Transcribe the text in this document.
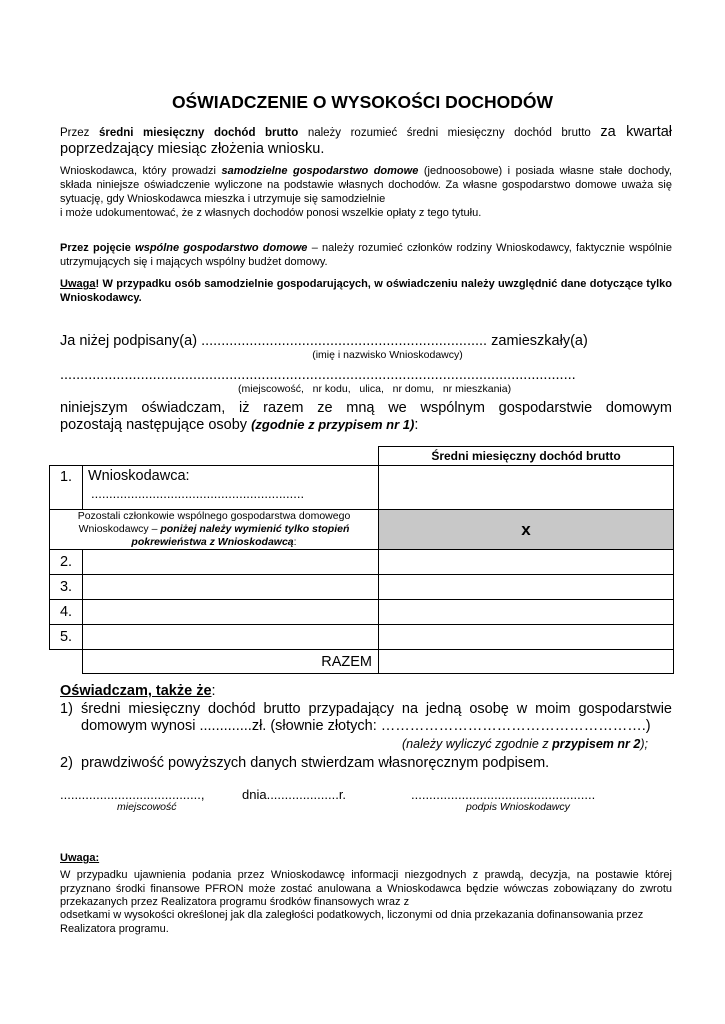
OŚWIADCZENIE O WYSOKOŚCI DOCHODÓW
Przez średni miesięczny dochód brutto należy rozumieć średni miesięczny dochód brutto za kwartał
poprzedzający miesiąc złożenia wniosku.
Wnioskodawca, który prowadzi samodzielne gospodarstwo domowe (jednoosobowe) i posiada własne stałe dochody, składa niniejsze oświadczenie wyliczone na podstawie własnych dochodów. Za własne gospodarstwo domowe uważa się sytuację, gdy Wnioskodawca mieszka i utrzymuje się samodzielnie
i może udokumentować, że z własnych dochodów ponosi wszelkie opłaty z tego tytułu.
Przez pojęcie wspólne gospodarstwo domowe – należy rozumieć członków rodziny Wnioskodawcy, faktycznie wspólnie utrzymujących się i mających wspólny budżet domowy.
Uwaga! W przypadku osób samodzielnie gospodarujących, w oświadczeniu należy uwzględnić dane dotyczące tylko Wnioskodawcy.
Ja niżej podpisany(a) ....................................................................... zamieszkały(a)
(imię i nazwisko Wnioskodawcy)
................................................................................................................................
(miejscowość,   nr kodu,   ulica,   nr domu,   nr mieszkania)
niniejszym oświadczam, iż razem ze mną we wspólnym gospodarstwie domowym
pozostają następujące osoby (zgodnie z przypisem nr 1):
		Średni miesięczny dochód brutto
1.	Wnioskodawca:
...........................................................	

Pozostali członkowie wspólnego gospodarstwa domowego Wnioskodawcy – poniżej należy wymienić tylko stopień pokrewieństwa z Wnioskodawcą:		x
2.		
3.		
4.		
5.		
	RAZEM	
Oświadczam, także że:
1) średni miesięczny dochód brutto przypadający na jedną osobę w moim gospodarstwie
domowym wynosi .............zł. (słownie złotych: ……………………………………………….)
(należy wyliczyć zgodnie z przypisem nr 2);
2) prawdziwość powyższych danych stwierdzam własnoręcznym podpisem.
.......................................,	dnia....................r.	...................................................
miejscowość	podpis Wnioskodawcy
Uwaga:
W przypadku ujawnienia podania przez Wnioskodawcę informacji niezgodnych z prawdą, decyzja, na postawie której przyznano środki finansowe PFRON może zostać anulowana a Wnioskodawca będzie wówczas zobowiązany do zwrotu przekazanych przez Realizatora programu środków finansowych wraz z
odsetkami w wysokości określonej jak dla zaległości podatkowych, liczonymi od dnia przekazania dofinansowania przez Realizatora programu.
